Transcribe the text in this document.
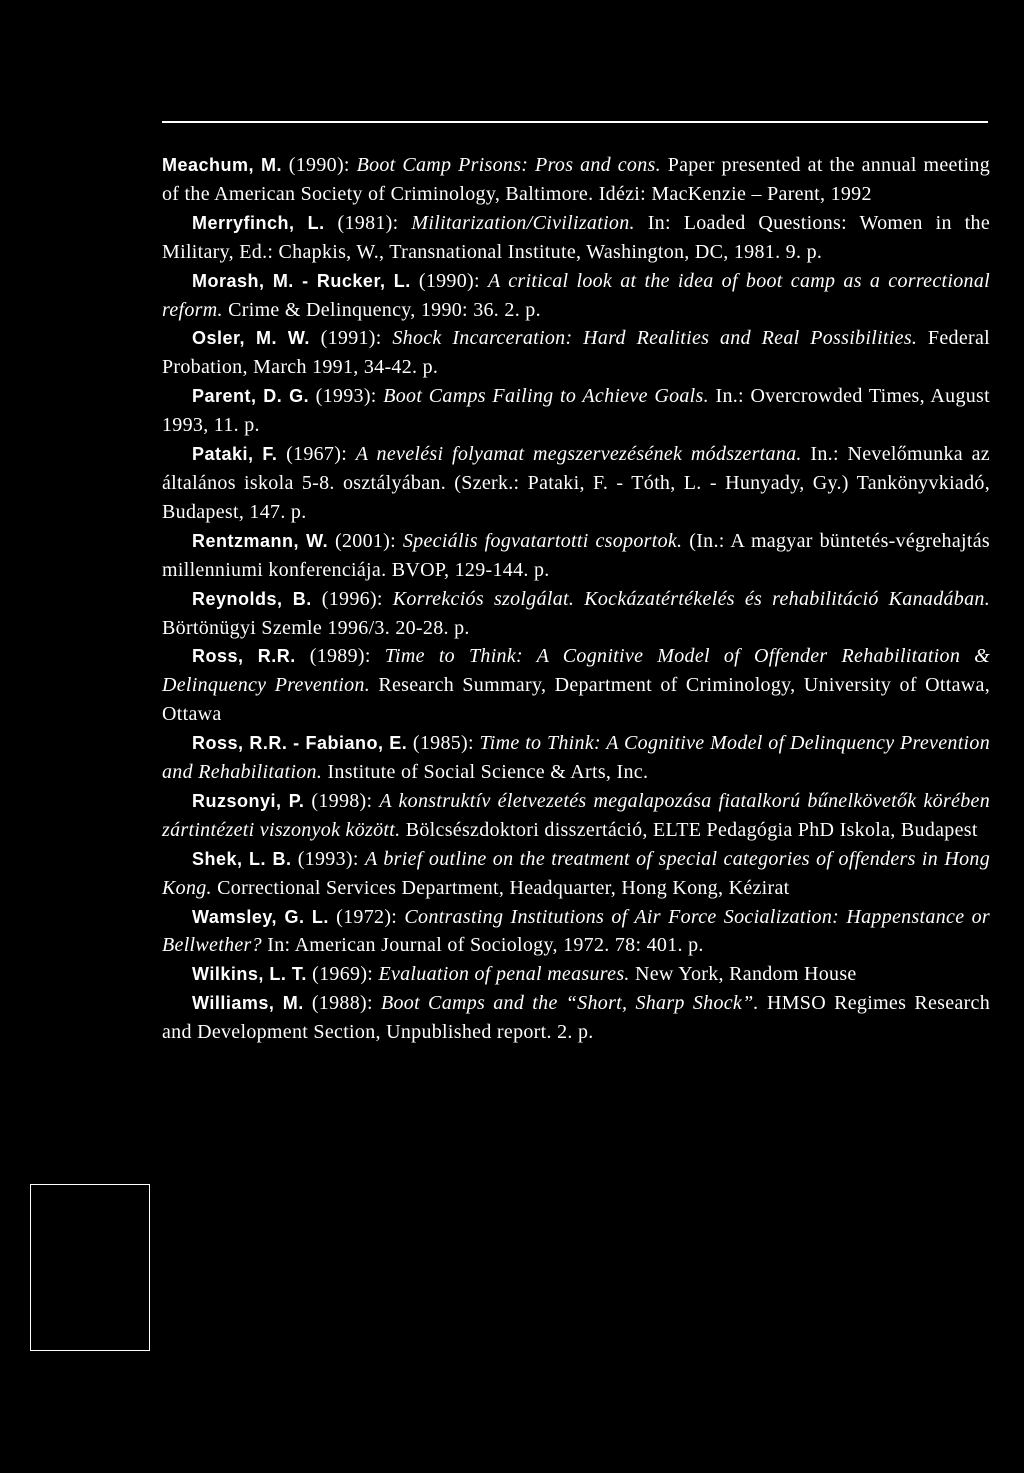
Meachum, M. (1990): Boot Camp Prisons: Pros and cons. Paper presented at the annual meeting of the American Society of Criminology, Baltimore. Idézi: MacKenzie – Parent, 1992

Merryfinch, L. (1981): Militarization/Civilization. In: Loaded Questions: Women in the Military, Ed.: Chapkis, W., Transnational Institute, Washington, DC, 1981. 9. p.

Morash, M. - Rucker, L. (1990): A critical look at the idea of boot camp as a correctional reform. Crime & Delinquency, 1990: 36. 2. p.

Osler, M. W. (1991): Shock Incarceration: Hard Realities and Real Possibilities. Federal Probation, March 1991, 34-42. p.

Parent, D. G. (1993): Boot Camps Failing to Achieve Goals. In.: Overcrowded Times, August 1993, 11. p.

Pataki, F. (1967): A nevelési folyamat megszervezésének módszertana. In.: Nevelőmunka az általános iskola 5-8. osztályában. (Szerk.: Pataki, F. - Tóth, L. - Hunyady, Gy.) Tankönyvkiadó, Budapest, 147. p.

Rentzmann, W. (2001): Speciális fogvatartotti csoportok. (In.: A magyar büntetés-végrehajtás millenniumi konferenciája. BVOP, 129-144. p.

Reynolds, B. (1996): Korrekciós szolgálat. Kockázatértékelés és rehabilitáció Kanadában. Börtönügyi Szemle 1996/3. 20-28. p.

Ross, R.R. (1989): Time to Think: A Cognitive Model of Offender Rehabilitation & Delinquency Prevention. Research Summary, Department of Criminology, University of Ottawa, Ottawa

Ross, R.R. - Fabiano, E. (1985): Time to Think: A Cognitive Model of Delinquency Prevention and Rehabilitation. Institute of Social Science & Arts, Inc.

Ruzsonyi, P. (1998): A konstruktív életvezetés megalapozása fiatalkorú bűnelkövetők körében zártintézeti viszonyok között. Bölcsészdoktori disszertáció, ELTE Pedagógia PhD Iskola, Budapest

Shek, L. B. (1993): A brief outline on the treatment of special categories of offenders in Hong Kong. Correctional Services Department, Headquarter, Hong Kong, Kézirat

Wamsley, G. L. (1972): Contrasting Institutions of Air Force Socialization: Happenstance or Bellwether? In: American Journal of Sociology, 1972. 78: 401. p.

Wilkins, L. T. (1969): Evaluation of penal measures. New York, Random House

Williams, M. (1988): Boot Camps and the “Short, Sharp Shock”. HMSO Regimes Research and Development Section, Unpublished report. 2. p.
